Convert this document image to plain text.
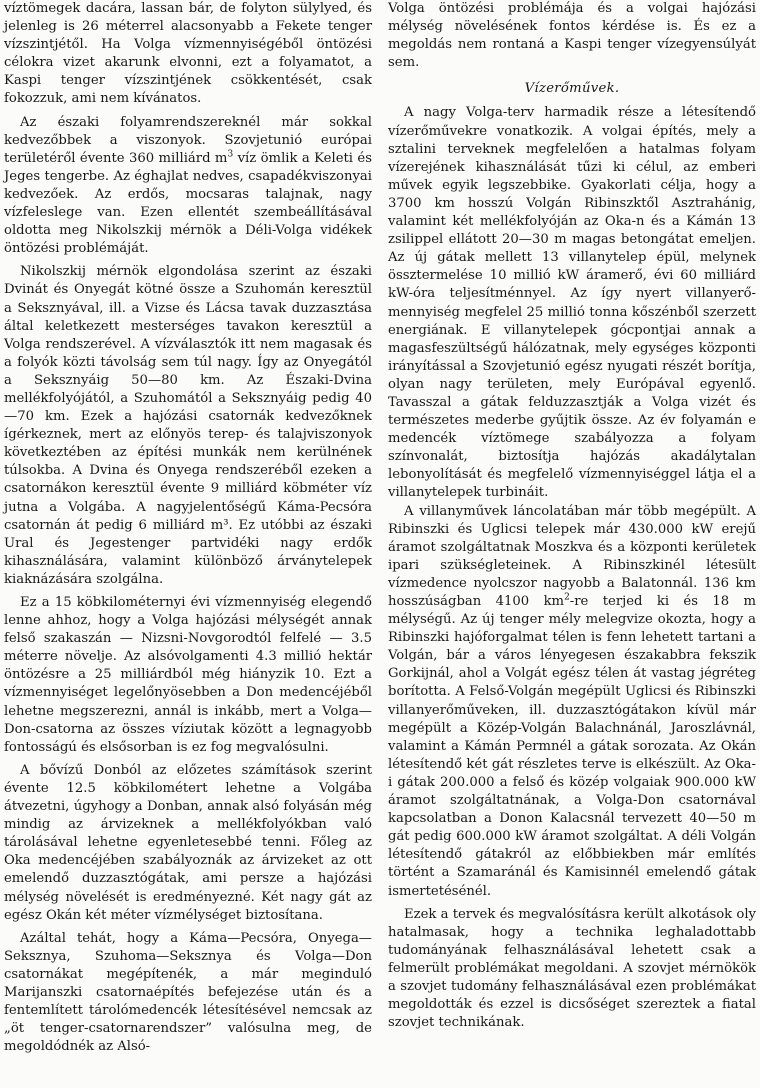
víztömegek dacára, lassan bár, de folyton sülylyed, és jelenleg is 26 méterrel alacsonyabb a Fekete tenger vízszintjétől. Ha Volga vízmennyiségéből öntözési célokra vizet akarunk elvonni, ezt a folyamatot, a Kaspi tenger vízszintjének csökkentését, csak fokozzuk, ami nem kívánatos.

Az északi folyamrendszereknél már sokkal kedvezőbbek a viszonyok. Szovjetunió európai területéről évente 360 milliárd $m^3$ víz ömlik a Keleti és Jeges tengerbe. Az éghajlat nedves, csapadékviszonyai kedvezőek. Az erdős, mocsaras talajnak, nagy vízfeleslege van. Ezen ellentét szembeállításával oldotta meg Nikolszkij mérnök a Déli-Volga vidékek öntözési problémáját.

Nikolszkij mérnök elgondolása szerint az északi Dvinát és Onyegát kötné össze a Szuhomán keresztül a Seksznyával, ill. a Vizse és Lácsa tavak duzzasztása által keletkezett mesterséges tavakon keresztül a Volga rendszerével. A vízválasztók itt nem magasak és a folyók közti távolság sem túl nagy. Így az Onyegától a Seksznyáig 50—80 km. Az Északi-Dvina mellékfolyójától, a Szuhomától a Seksznyáig pedig 40—70 km. Ezek a hajózási csatornák kedvezőknek ígérkeznek, mert az előnyös terep- és talajviszonyok következtében az építési munkák nem kerülnének túlsokba. A Dvina és Onyega rendszeréből ezeken a csatornákon keresztül évente 9 milliárd köbméter víz jutna a Volgába. A nagyjelentőségű Káma-Pecsóra csatornán át pedig 6 milliárd m³. Ez utóbbi az északi Ural és Jegestenger partvidéki nagy erdők kihasználására, valamint különböző árványtelepek kiaknázására szolgálna.

Ez a 15 köbkilométernyi évi vízmennyiség elegendő lenne ahhoz, hogy a Volga hajózási mélységét annak felső szakaszán — Nizsni-Novgorodtól felfelé — 3.5 méterre növelje. Az alsóvolgamenti 4.3 millió hektár öntözésre a 25 milliárdból még hiányzik 10. Ezt a vízmennyiséget legelőnyösebben a Don medencéjéből lehetne megszerezni, annál is inkább, mert a Volga—Don-csatorna az összes víziutak között a legnagyobb fontosságú és elsősorban is ez fog megvalósulni.

A bővízű Donból az előzetes számítások szerint évente 12.5 köbkilométert lehetne a Volgába átvezetni, úgyhogy a Donban, annak alsó folyásán még mindig az árvizeknek a mellékfolyókban való tárolásával lehetne egyenletesebbé tenni. Főleg az Oka medencéjében szabályoznák az árvizeket az ott emelendő duzzasztógátak, ami persze a hajózási mélység növelését is eredményezné. Két nagy gát az egész Okán két méter vízmélységet biztosítana.

Azáltal tehát, hogy a Káma—Pecsóra, Onyega—Seksznya, Szuhoma—Seksznya és Volga—Don csatornákat megépítenék, a már meginduló Marijanszki csatornaépítés befejezése után és a fentemlített tárolómedencék létesítésével nemcsak az „öt tenger-csatornarendszer” valósulna meg, de megoldódnék az Alsó-

Volga öntözési problémája és a volgai hajózási mélység növelésének fontos kérdése is. És ez a megoldás nem rontaná a Kaspi tenger vízegyensúlyát sem.

Vízerőművek.

A nagy Volga-terv harmadik része a létesítendő vízerőművekre vonatkozik. A volgai építés, mely a sztalini terveknek megfelelően a hatalmas folyam vízerejének kihasználását tűzi ki célul, az emberi művek egyik legszebbike. Gyakorlati célja, hogy a 3700 km hosszú Volgán Ribinszktől Asztrahánig, valamint két mellékfolyóján az Oka-n és a Kámán 13 zsilippel ellátott 20—30 m magas betongátat emeljen. Az új gátak mellett 13 villanytelep épül, melynek össztermelése 10 millió kW áramerő, évi 60 milliárd kW-óra teljesítménnyel. Az így nyert villanyerő-mennyiség megfelel 25 millió tonna kőszénből szerzett energiának. E villanytelepek gócpontjai annak a magasfeszültségű hálózatnak, mely egységes központi irányítással a Szovjetunió egész nyugati részét borítja, olyan nagy területen, mely Európával egyenlő. Tavasszal a gátak felduzzasztják a Volga vizét és természetes mederbe gyűjtik össze. Az év folyamán e medencék víztömege szabályozza a folyam színvonalát, biztosítja hajózás akadálytalan lebonyolítását és megfelelő vízmennyiséggel látja el a villanytelepek turbináit.

A villanyművek láncolatában már több megépült. A Ribinszki és Uglicsi telepek már 430.000 kW erejű áramot szolgáltatnak Moszkva és a központi kerületek ipari szükségleteinek. A Ribinszkinél létesült vízmedence nyolcszor nagyobb a Balatonnál. 136 km hosszúságban 4100 $km^2-re$ terjed ki és 18 m mélységű. Az új tenger mély melegvize okozta, hogy a Ribinszki hajóforgalmat télen is fenn lehetett tartani a Volgán, bár a város lényegesen északabbra fekszik Gorkijnál, ahol a Volgát egész télen át vastag jégréteg borította. A Felső-Volgán megépült Uglicsi és Ribinszki villanyerőműveken, ill. duzzasztógátakon kívül már megépült a Közép-Volgán Balachnánál, Jaroszlávnál, valamint a Kámán Permnél a gátak sorozata. Az Okán létesítendő két gát részletes terve is elkészült. Az Oka-i gátak 200.000 a felső és közép volgaiak 900.000 kW áramot szolgáltatnának, a Volga-Don csatornával kapcsolatban a Donon Kalacsnál tervezett 40—50 m gát pedig 600.000 kW áramot szolgáltat. A déli Volgán létesítendő gátakról az előbbiekben már említés történt a Szamaránál és Kamisinnél emelendő gátak ismertetésénél.

Ezek a tervek és megvalósításra került alkotások oly hatalmasak, hogy a technika leghaladottabb tudományának felhasználásával lehetett csak a felmerült problémákat megoldani. A szovjet mérnökök a szovjet tudomány felhasználásával ezen problémákat megoldották és ezzel is dicsőséget szereztek a fiatal szovjet technikának.
